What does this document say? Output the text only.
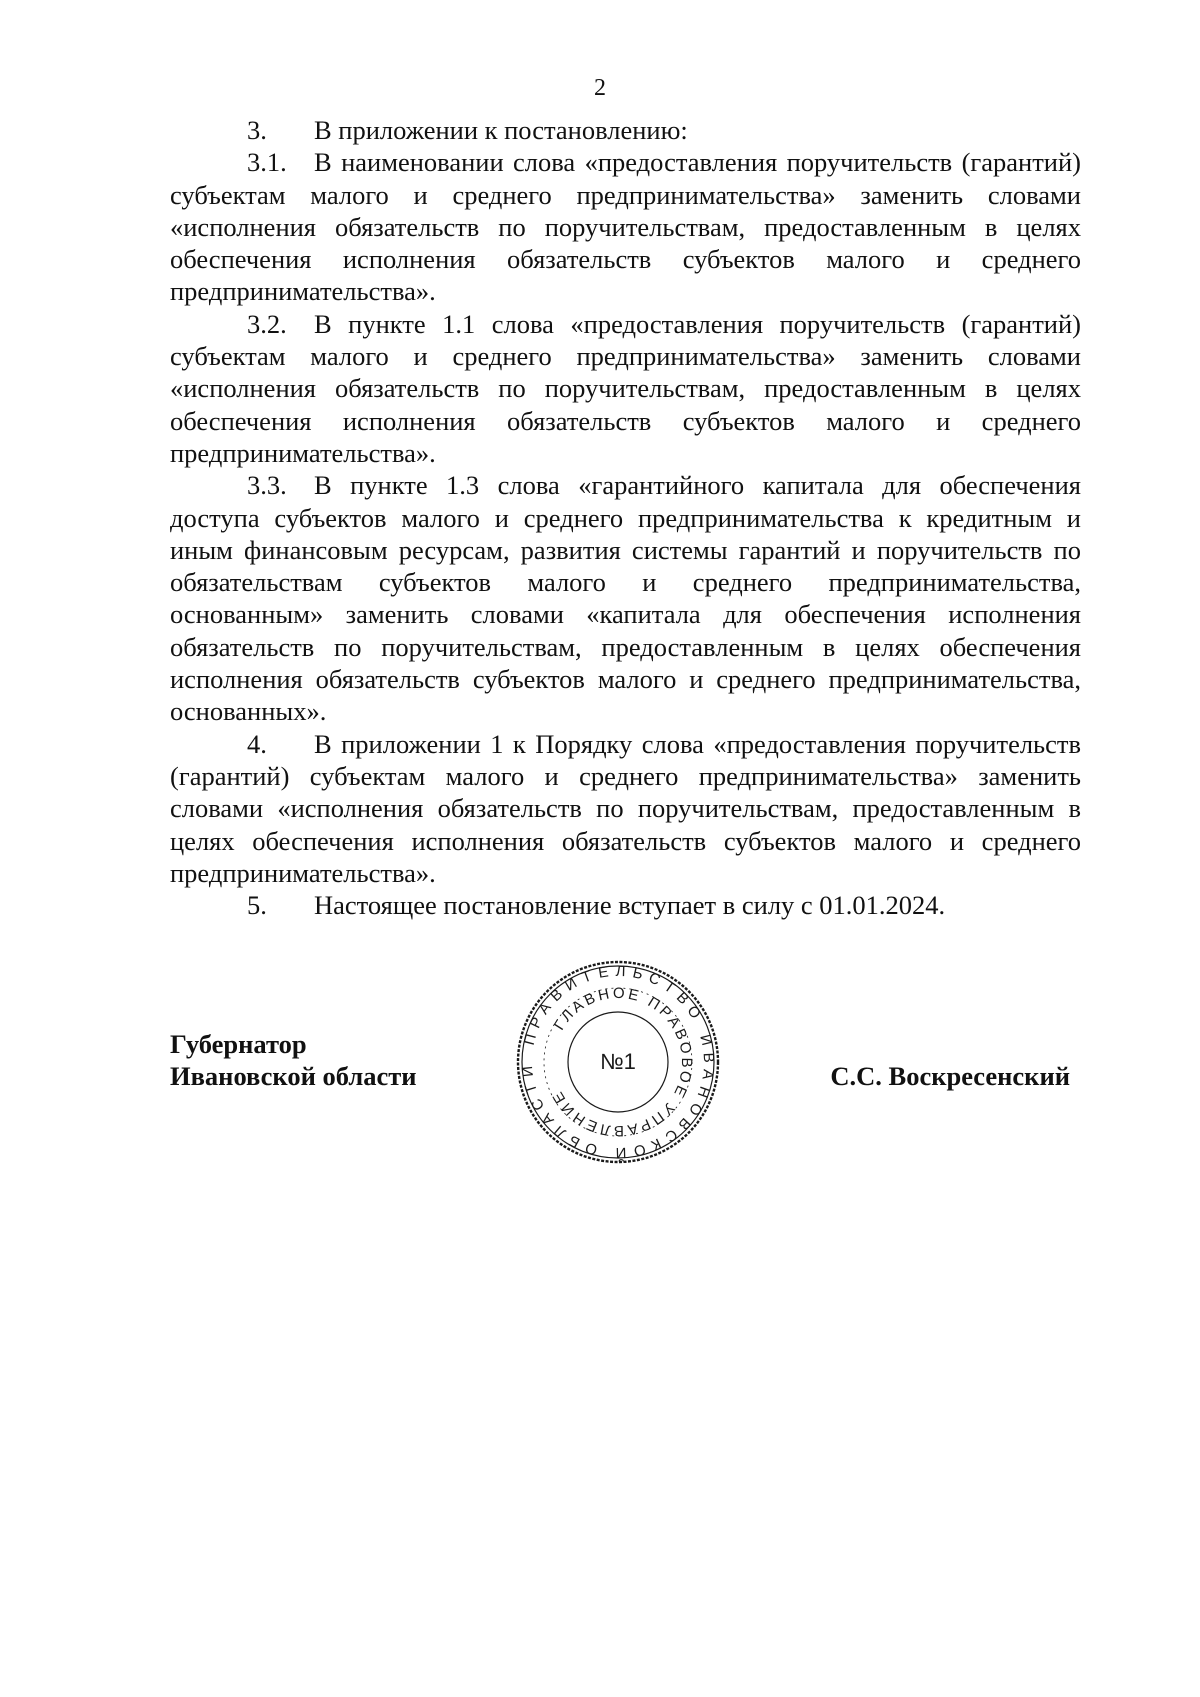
2

3. В приложении к постановлению:

3.1. В наименовании слова «предоставления поручительств (гарантий) субъектам малого и среднего предпринимательства» заменить словами «исполнения обязательств по поручительствам, предоставленным в целях обеспечения исполнения обязательств субъектов малого и среднего предпринимательства».

3.2. В пункте 1.1 слова «предоставления поручительств (гарантий) субъектам малого и среднего предпринимательства» заменить словами «исполнения обязательств по поручительствам, предоставленным в целях обеспечения исполнения обязательств субъектов малого и среднего предпринимательства».

3.3. В пункте 1.3 слова «гарантийного капитала для обеспечения доступа субъектов малого и среднего предпринимательства к кредитным и иным финансовым ресурсам, развития системы гарантий и поручительств по обязательствам субъектов малого и среднего предпринимательства, основанным» заменить словами «капитала для обеспечения исполнения обязательств по поручительствам, предоставленным в целях обеспечения исполнения обязательств субъектов малого и среднего предпринимательства, основанных».

4. В приложении 1 к Порядку слова «предоставления поручительств (гарантий) субъектам малого и среднего предпринимательства» заменить словами «исполнения обязательств по поручительствам, предоставленным в целях обеспечения исполнения обязательств субъектов малого и среднего предпринимательства».

5. Настоящее постановление вступает в силу с 01.01.2024.

Губернатор
Ивановской области
ПРАВИТЕЛЬСТВО ИВАНОВСКОЙ ОБЛАСТИ
ГЛАВНОЕ ПРАВОВОЕ УПРАВЛЕНИЕ
№1	С.С. Воскресенский
